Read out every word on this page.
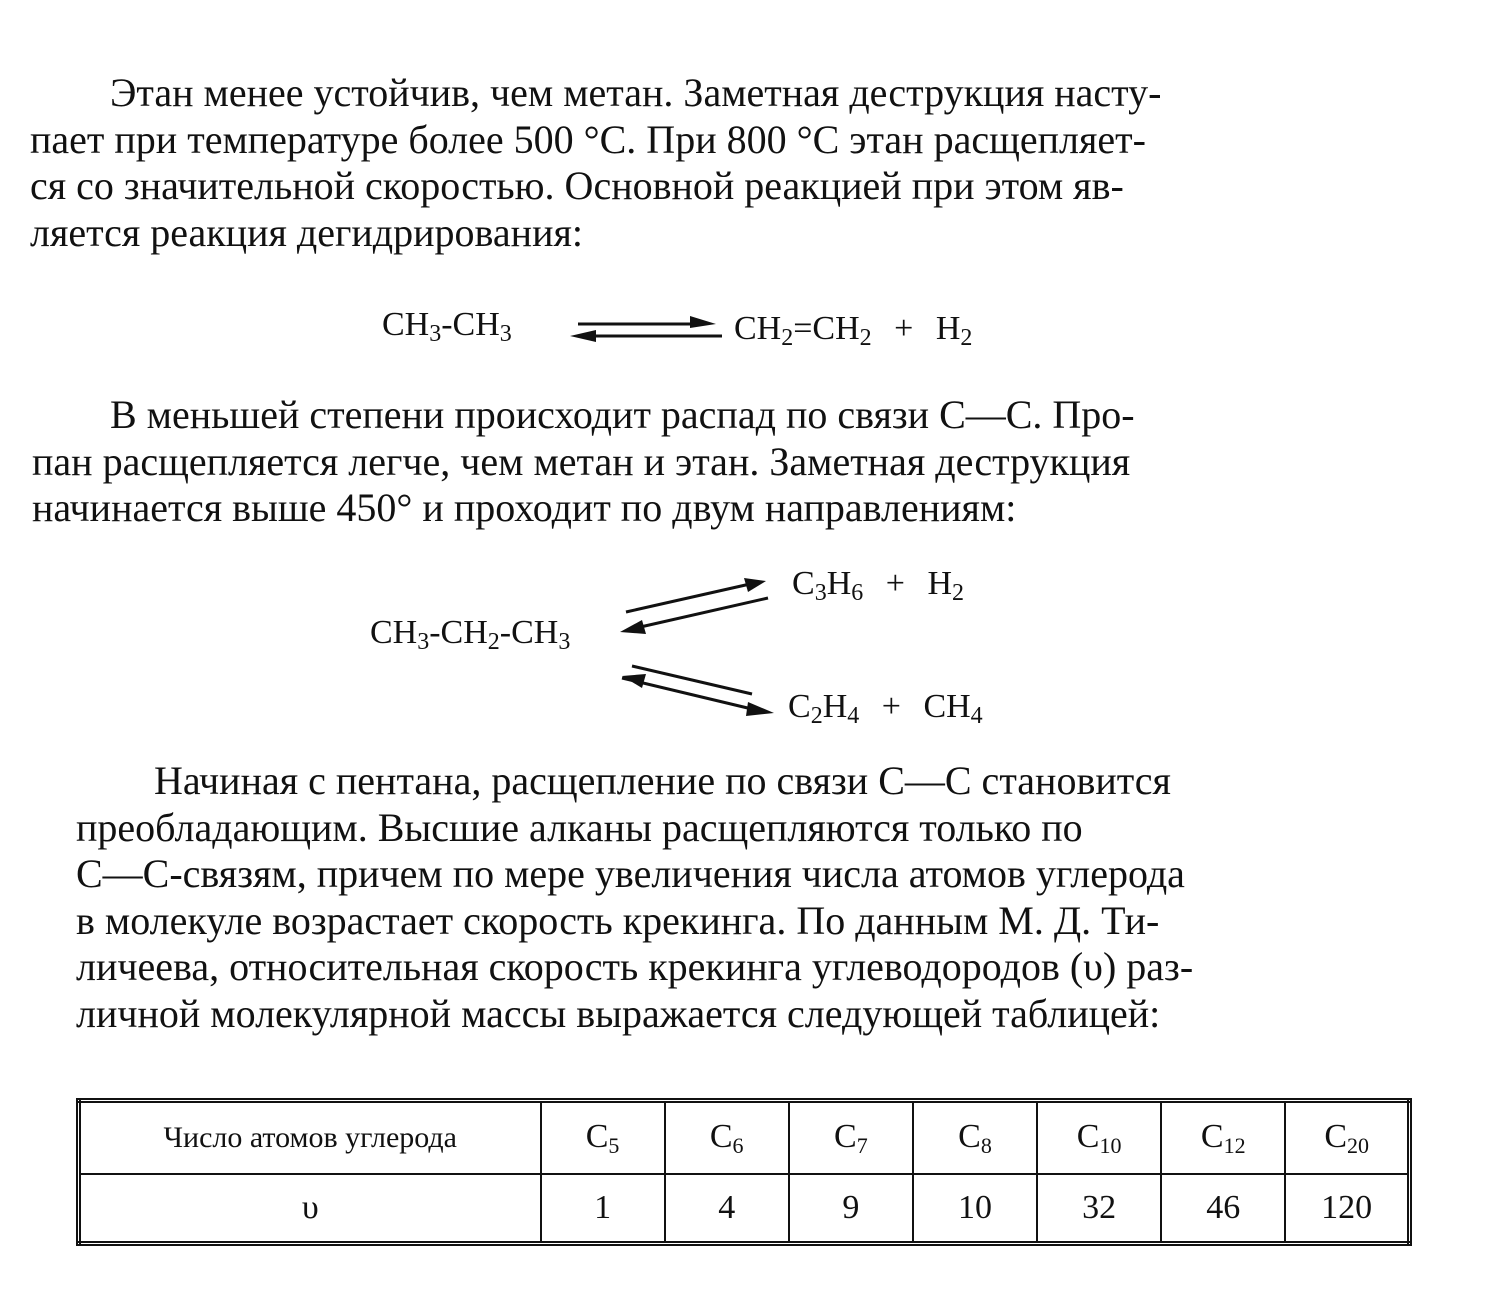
Этан менее устойчив, чем метан. Заметная деструкция насту-
пает при температуре более 500 °С. При 800 °С этан расщепляет-
ся со значительной скоростью. Основной реакцией при этом яв-
ляется реакция дегидрирования:
$CH_3-CH_3$	$CH_2=CH_2 + H_2$
В меньшей степени происходит распад по связи С—С. Про-
пан расщепляется легче, чем метан и этан. Заметная деструкция
начинается выше 450° и проходит по двум направлениям:
$CH_3-CH_2-CH_3$
$C_3H_6 + H_2$
$C_2H_4 + CH_4$
Начиная с пентана, расщепление по связи С—С становится
преобладающим. Высшие алканы расщепляются только по
С—С-связям, причем по мере увеличения числа атомов углерода
в молекуле возрастает скорость крекинга. По данным М. Д. Ти-
личеева, относительная скорость крекинга углеводородов (υ) раз-
личной молекулярной массы выражается следующей таблицей:
Число атомов углерода	$C_5$	$C_6$	$C_7$	$C_8$	$C_{10}$	$C_{12}$	$C_{20}$
υ	1	4	9	10	32	46	120
